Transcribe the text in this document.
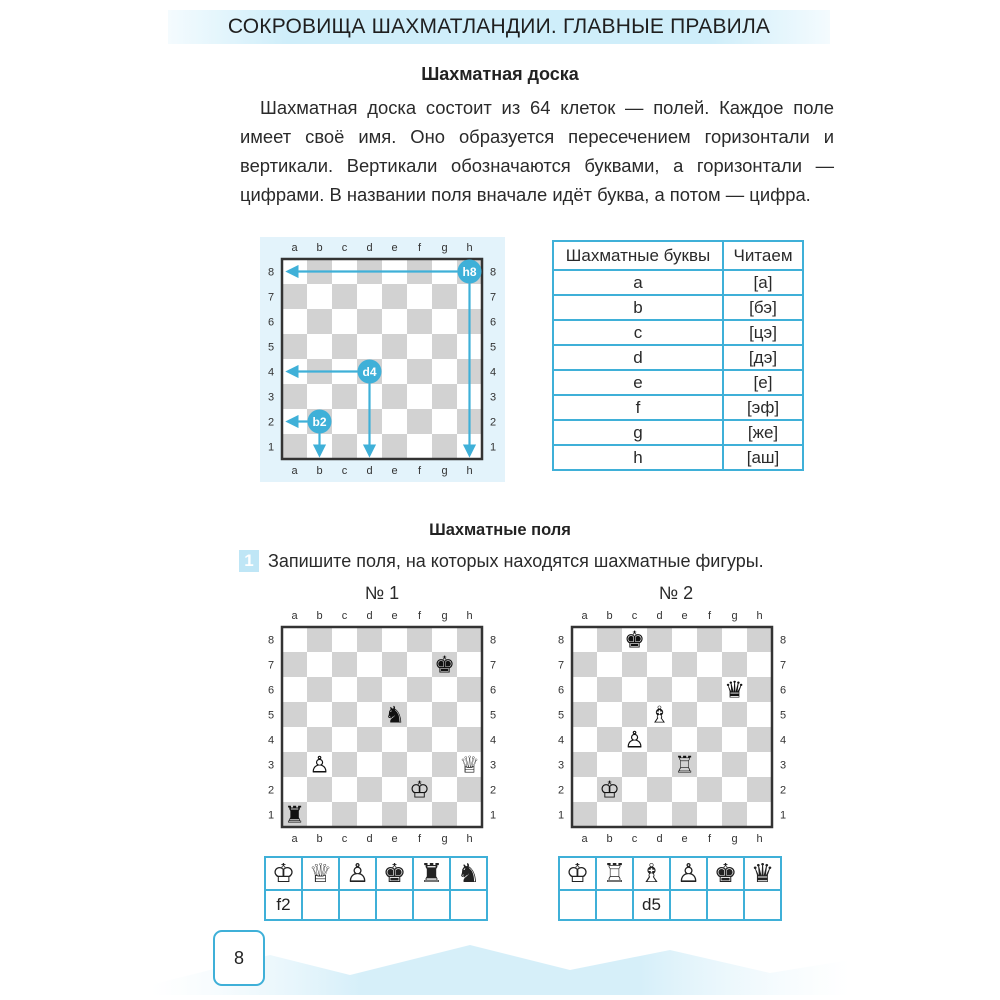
СОКРОВИЩА ШАХМАТЛАНДИИ. ГЛАВНЫЕ ПРАВИЛА
Шахматная доска

Шахматная доска состоит из 64 клеток — полей. Каждое поле имеет своё имя. Оно образуется пересечением горизонтали и вертикали. Вертикали обозначаются буквами, а горизонтали — цифрами. В названии поля вначале идёт буква, а потом — цифра.

a
a
b
b
c
c
d
d
e
e
f
f
g
g
h
h
1	1
2	2
3	3
4	4
5	5
6	6
7	7
8	8
h8
d4
b2
Шахматные буквы	Читаем
a	[а]
b	[бэ]
c	[цэ]
d	[дэ]
e	[е]
f	[эф]
g	[же]
h	[аш]
Шахматные поля
1 Запишите поля, на которых находятся шахматные фигуры.
№ 1
a
a
b
b
c
c
d
d
e
e
f
f
g
g
h
h
1	1
2	2
3	3
4	4
5	5
6	6
7	7
8	8
♚
♞
♙	♕
♔
♜
♔	♕	♙	♚	♜	♞
f2					
№ 2
a
a
b
b
c
c
d
d
e
e
f
f
g
g
h
h
1	1
2	2
3	3
4	4
5	5
6	6
7	7
8	8
♚
♛
♗
♙
♖
♔
♔	♖	♗	♙	♚	♛
		d5			
8
